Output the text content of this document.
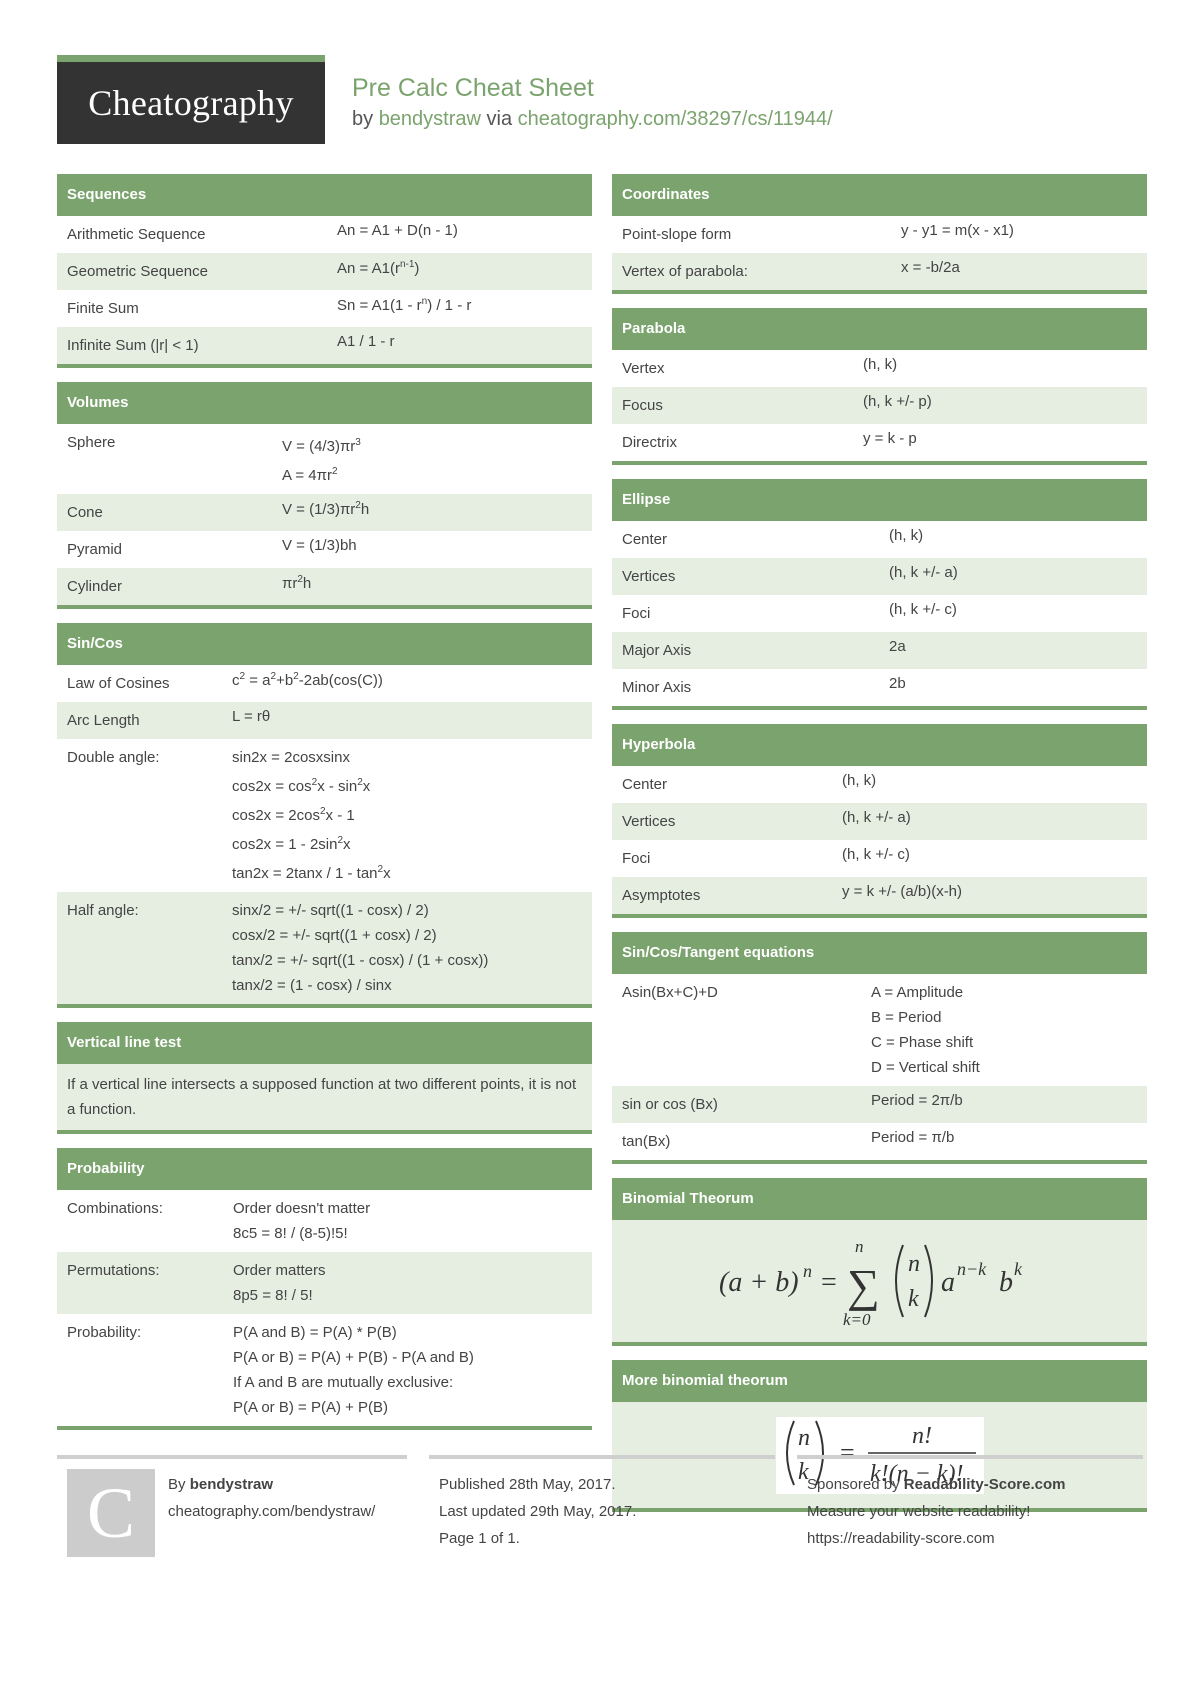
Cheatography Pre Calc Cheat Sheet
by bendystraw via cheatography.com/38297/cs/11944/
Sequences
Arithmetic Sequence	An = A1 + D(n - 1)
Geometric Sequence	$An = A1(r^{n-1})$
Finite Sum	$Sn = A1(1 - r^n) / 1 - r$
Infinite Sum (|r| < 1)	A1 / 1 - r
Volumes
Sphere	$V = (4/3)\pi r^3$
$A = 4\pi r^2$
Cone	$V = (1/3)\pi r^2h$
Pyramid	V = (1/3)bh
Cylinder	$\pi r^2h$
Sin/Cos
Law of Cosines	$c^2 = a^2+b^2-2ab(\cos(C))$
Arc Length	L = rθ
Double angle:	sin2x = 2cosxsinx
$\cos 2x = \cos^2x - \sin^2x$
$\cos 2x = 2\cos^2x - 1$
$\cos 2x = 1 - 2\sin^2x$
$\tan 2x = 2\tan x / 1 - \tan^2x$
Half angle:	sinx/2 = +/- sqrt((1 - cosx) / 2)
cosx/2 = +/- sqrt((1 + cosx) / 2)
tanx/2 = +/- sqrt((1 - cosx) / (1 + cosx))
tanx/2 = (1 - cosx) / sinx
Vertical line test
If a vertical line intersects a supposed function at two different points, it is not a function.
Probability
Combinations:	Order doesn't matter
8c5 = 8! / (8-5)!5!
Permutations:	Order matters
8p5 = 8! / 5!
Probability:	P(A and B) = P(A) * P(B)
P(A or B) = P(A) + P(B) - P(A and B)
If A and B are mutually exclusive:
P(A or B) = P(A) + P(B)
Coordinates
Point-slope form	y - y1 = m(x - x1)
Vertex of parabola:	x = -b/2a
Parabola
Vertex	(h, k)
Focus	(h, k +/- p)
Directrix	y = k - p
Ellipse
Center	(h, k)
Vertices	(h, k +/- a)
Foci	(h, k +/- c)
Major Axis	2a
Minor Axis	2b
Hyperbola
Center	(h, k)
Vertices	(h, k +/- a)
Foci	(h, k +/- c)
Asymptotes	y = k +/- (a/b)(x-h)
Sin/Cos/Tangent equations
Asin(Bx+C)+D	A = Amplitude
B = Period
C = Phase shift
D = Vertical shift
sin or cos (Bx)	Period = 2π/b
tan(Bx)	Period = π/b
Binomial Theorum
(a + b) n =
n
∑
k=0
n
k
a n−k b k
More binomial theorum
n
k
=
n!
k!(n − k)!
C By bendystraw
cheatography.com/bendystraw/
Published 28th May, 2017.
Last updated 29th May, 2017.
Page 1 of 1.
Sponsored by Readability-Score.com
Measure your website readability!
https://readability-score.com
